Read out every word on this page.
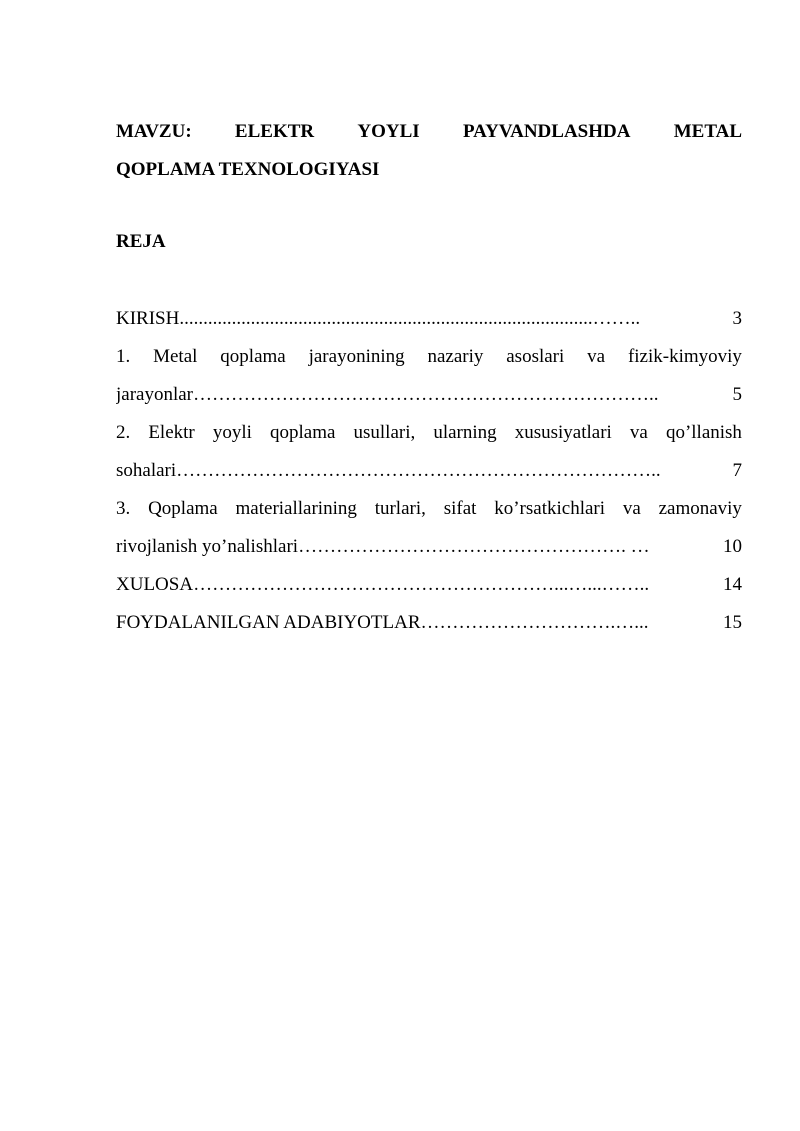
MAVZU: ELEKTR YOYLI PAYVANDLASHDA METAL
QOPLAMA TEXNOLOGIYASI
REJA
KIRISH .......................................................................................……..	3
1. Metal qoplama jarayonining nazariy asoslari va fizik-kimyoviy
jarayonlar ………………………………………………………………..	5
2. Elektr yoyli qoplama usullari, ularning xususiyatlari va qo’llanish
sohalari …………………………………………………………………..	7
3. Qoplama materiallarining turlari, sifat ko’rsatkichlari va zamonaviy
rivojlanish yo’nalishlari ……………………………………………. …	10
XULOSA …………………………………………………...…...……..	14
FOYDALANILGAN ADABIYOTLAR ………………………….…...	15
